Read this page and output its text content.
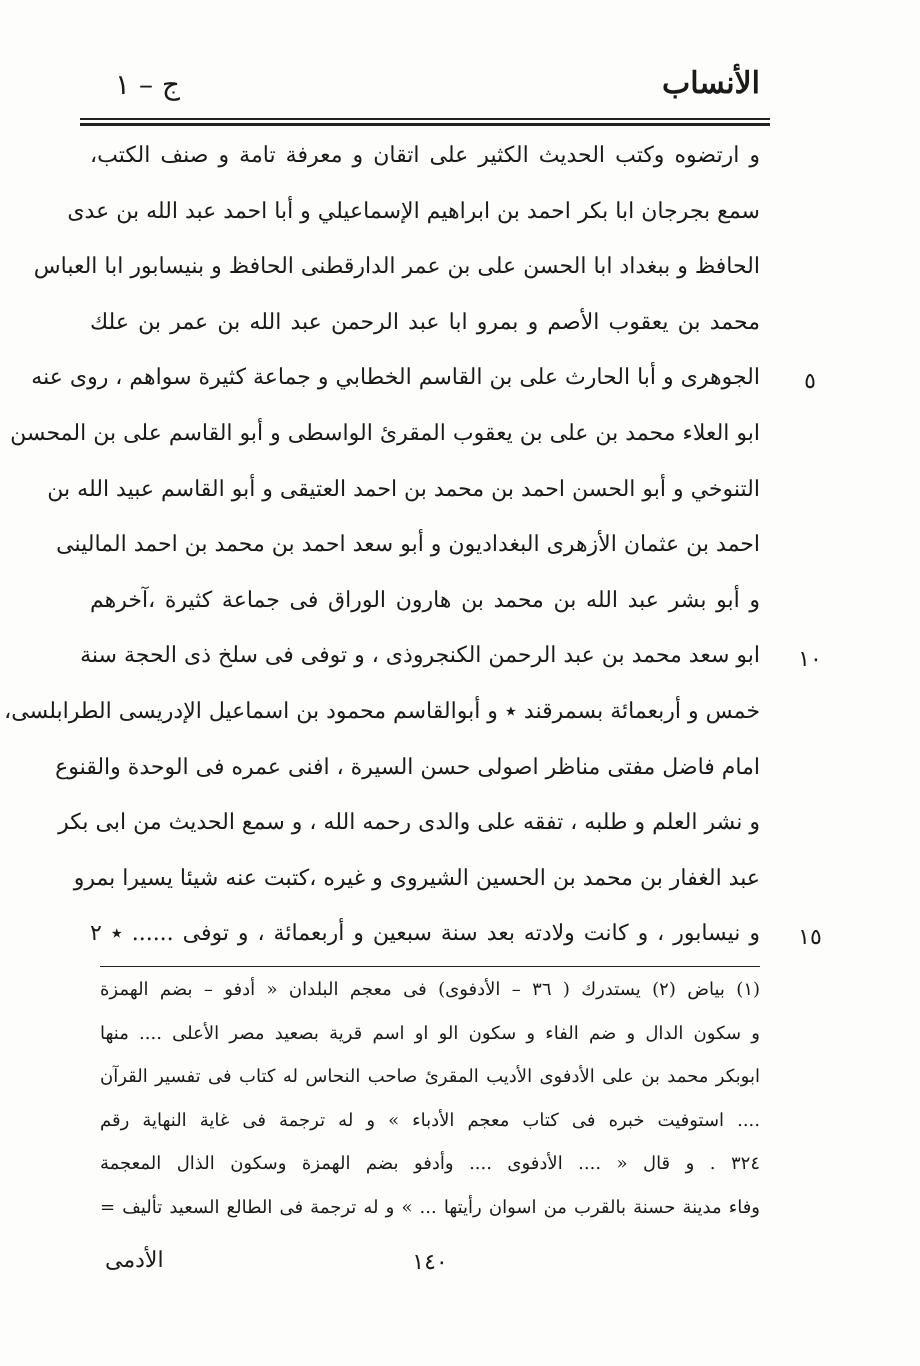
الأنساب
ج – ١
و ارتضوه وكتب الحديث الكثير على اتقان و معرفة تامة و صنف الكتب،
سمع بجرجان ابا بكر احمد بن ابراهيم الإسماعيلي و أبا احمد عبد الله بن عدى
الحافظ و ببغداد ابا الحسن على بن عمر الدارقطنى الحافظ و بنيسابور ابا العباس
محمد بن يعقوب الأصم و بمرو ابا عبد الرحمن عبد الله بن عمر بن علك
الجوهرى و أبا الحارث على بن القاسم الخطابي و جماعة كثيرة سواهم ، روى عنه
ابو العلاء محمد بن على بن يعقوب المقرئ الواسطى و أبو القاسم على بن المحسن
التنوخي و أبو الحسن احمد بن محمد بن احمد العتيقى و أبو القاسم عبيد الله بن
احمد بن عثمان الأزهرى البغداديون و أبو سعد احمد بن محمد بن احمد المالينى
و أبو بشر عبد الله بن محمد بن هارون الوراق فى جماعة كثيرة ،آخرهم
ابو سعد محمد بن عبد الرحمن الكنجروذى ، و توفى فى سلخ ذى الحجة سنة
خمس و أربعمائة بسمرقند ٭ و أبوالقاسم محمود بن اسماعيل الإدريسى الطرابلسى،
امام فاضل مفتى مناظر اصولى حسن السيرة ، افنى عمره فى الوحدة والقنوع
و نشر العلم و طلبه ، تفقه على والدى رحمه الله ، و سمع الحديث من ابى بكر
عبد الغفار بن محمد بن الحسين الشيروى و غيره ،كتبت عنه شيئا يسيرا بمرو
و نيسابور ، و كانت ولادته بعد سنة سبعين و أربعمائة ، و توفى ...... ٭ ٢
٥
١٠
١٥
(١) بياض (٢) يستدرك ( ٣٦ – الأدفوى) فى معجم البلدان « أدفو – بضم الهمزة
و سكون الدال و ضم الفاء و سكون الو او اسم قرية بصعيد مصر الأعلى .... منها
ابوبكر محمد بن على الأدفوى الأديب المقرئ صاحب النحاس له كتاب فى تفسير القرآن
.... استوفيت خبره فى كتاب معجم الأدباء » و له ترجمة فى غاية النهاية رقم
٣٢٤ . و قال « .... الأدفوى .... وأدفو بضم الهمزة وسكون الذال المعجمة
وفاء مدينة حسنة بالقرب من اسوان رأيتها ... » و له ترجمة فى الطالع السعيد تأليف =
١٤٠
الأدمى
